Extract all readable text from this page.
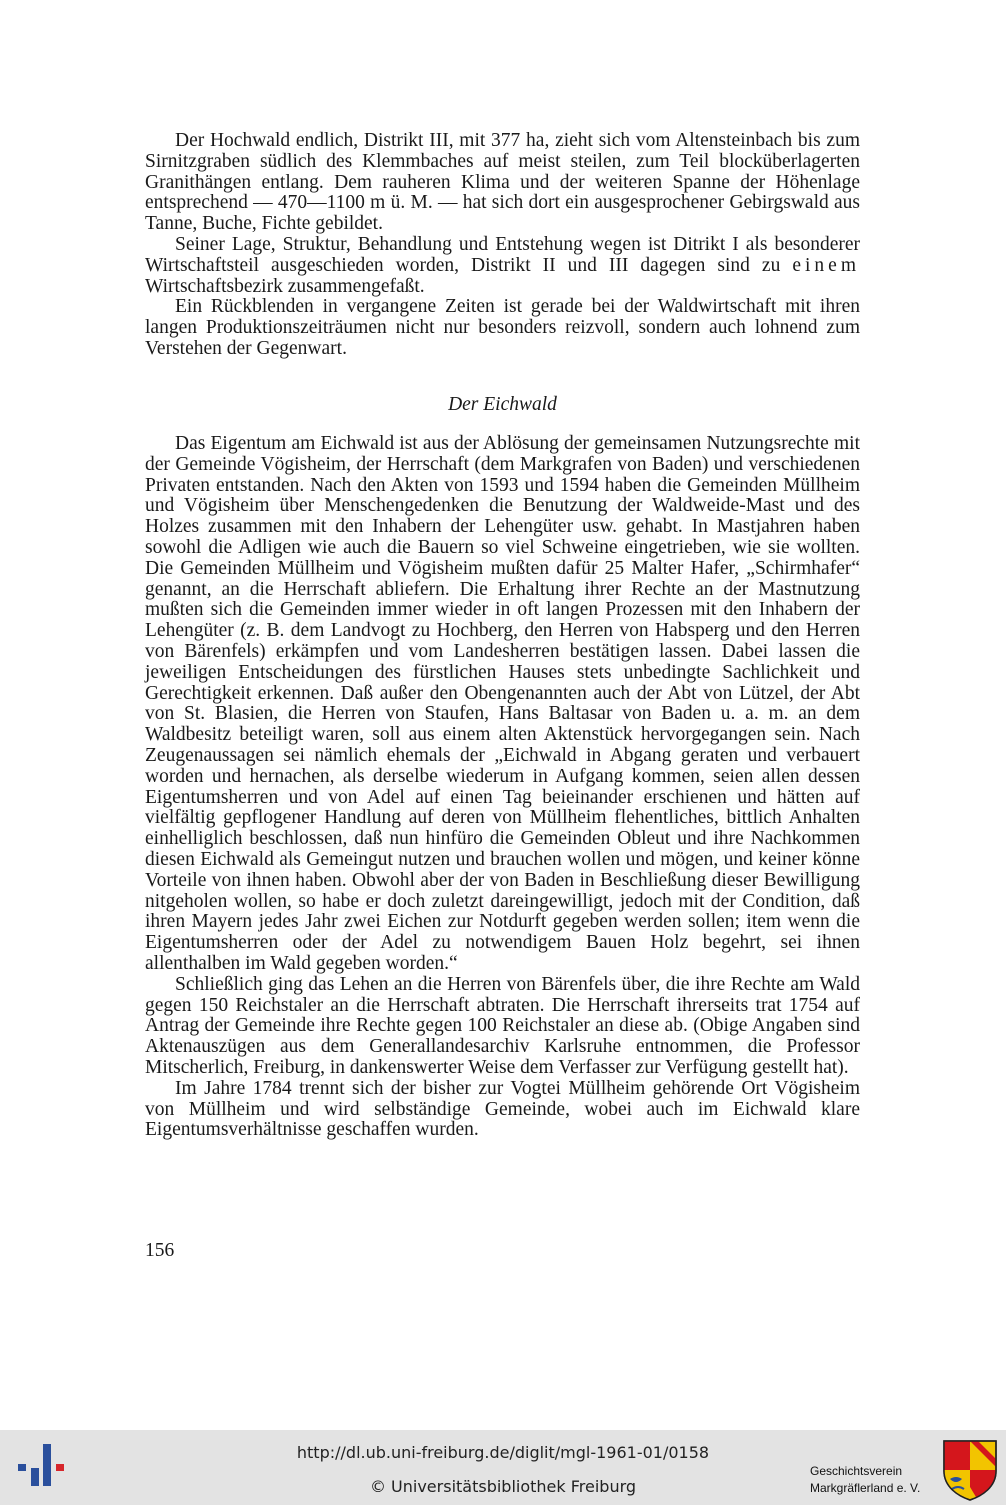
Der Hochwald endlich, Distrikt III, mit 377 ha, zieht sich vom Altensteinbach bis zum Sirnitzgraben südlich des Klemmbaches auf meist steilen, zum Teil blocküberlagerten Granithängen entlang. Dem rauheren Klima und der weiteren Spanne der Höhenlage entsprechend — 470—1100 m ü. M. — hat sich dort ein ausgesprochener Gebirgswald aus Tanne, Buche, Fichte gebildet.

Seiner Lage, Struktur, Behandlung und Entstehung wegen ist Ditrikt I als besonderer Wirtschaftsteil ausgeschieden worden, Distrikt II und III dagegen sind zu einem Wirtschaftsbezirk zusammengefaßt.

Ein Rückblenden in vergangene Zeiten ist gerade bei der Waldwirtschaft mit ihren langen Produktionszeiträumen nicht nur besonders reizvoll, sondern auch lohnend zum Verstehen der Gegenwart.

Der Eichwald

Das Eigentum am Eichwald ist aus der Ablösung der gemeinsamen Nutzungsrechte mit der Gemeinde Vögisheim, der Herrschaft (dem Markgrafen von Baden) und verschiedenen Privaten entstanden. Nach den Akten von 1593 und 1594 haben die Gemeinden Müllheim und Vögisheim über Menschengedenken die Benutzung der Waldweide-Mast und des Holzes zusammen mit den Inhabern der Lehengüter usw. gehabt. In Mastjahren haben sowohl die Adligen wie auch die Bauern so viel Schweine eingetrieben, wie sie wollten. Die Gemeinden Müllheim und Vögisheim mußten dafür 25 Malter Hafer, „Schirmhafer“ genannt, an die Herrschaft abliefern. Die Erhaltung ihrer Rechte an der Mastnutzung mußten sich die Gemeinden immer wieder in oft langen Prozessen mit den Inhabern der Lehengüter (z. B. dem Landvogt zu Hochberg, den Herren von Habsperg und den Herren von Bärenfels) erkämpfen und vom Landesherren bestätigen lassen. Dabei lassen die jeweiligen Entscheidungen des fürstlichen Hauses stets unbedingte Sachlichkeit und Gerechtigkeit erkennen. Daß außer den Obengenannten auch der Abt von Lützel, der Abt von St. Blasien, die Herren von Staufen, Hans Baltasar von Baden u. a. m. an dem Waldbesitz beteiligt waren, soll aus einem alten Aktenstück hervorgegangen sein. Nach Zeugenaussagen sei nämlich ehemals der „Eichwald in Abgang geraten und verbauert worden und hernachen, als derselbe wiederum in Aufgang kommen, seien allen dessen Eigentumsherren und von Adel auf einen Tag beieinander erschienen und hätten auf vielfältig gepflogener Handlung auf deren von Müllheim flehentliches, bittlich Anhalten einhelliglich beschlossen, daß nun hinfüro die Gemeinden Obleut und ihre Nachkommen diesen Eichwald als Gemeingut nutzen und brauchen wollen und mögen, und keiner könne Vorteile von ihnen haben. Obwohl aber der von Baden in Beschließung dieser Bewilligung nitgeholen wollen, so habe er doch zuletzt dareingewilligt, jedoch mit der Condition, daß ihren Mayern jedes Jahr zwei Eichen zur Notdurft gegeben werden sollen; item wenn die Eigentumsherren oder der Adel zu notwendigem Bauen Holz begehrt, sei ihnen allenthalben im Wald gegeben worden.“

Schließlich ging das Lehen an die Herren von Bärenfels über, die ihre Rechte am Wald gegen 150 Reichstaler an die Herrschaft abtraten. Die Herrschaft ihrerseits trat 1754 auf Antrag der Gemeinde ihre Rechte gegen 100 Reichstaler an diese ab. (Obige Angaben sind Aktenauszügen aus dem Generallandesarchiv Karlsruhe entnommen, die Professor Mitscherlich, Freiburg, in dankenswerter Weise dem Verfasser zur Verfügung gestellt hat).

Im Jahre 1784 trennt sich der bisher zur Vogtei Müllheim gehörende Ort Vögisheim von Müllheim und wird selbständige Gemeinde, wobei auch im Eichwald klare Eigentumsverhältnisse geschaffen wurden.

156
http://dl.ub.uni-freiburg.de/diglit/mgl-1961-01/0158
© Universitätsbibliothek Freiburg
Geschichtsverein
Markgräflerland e. V.
